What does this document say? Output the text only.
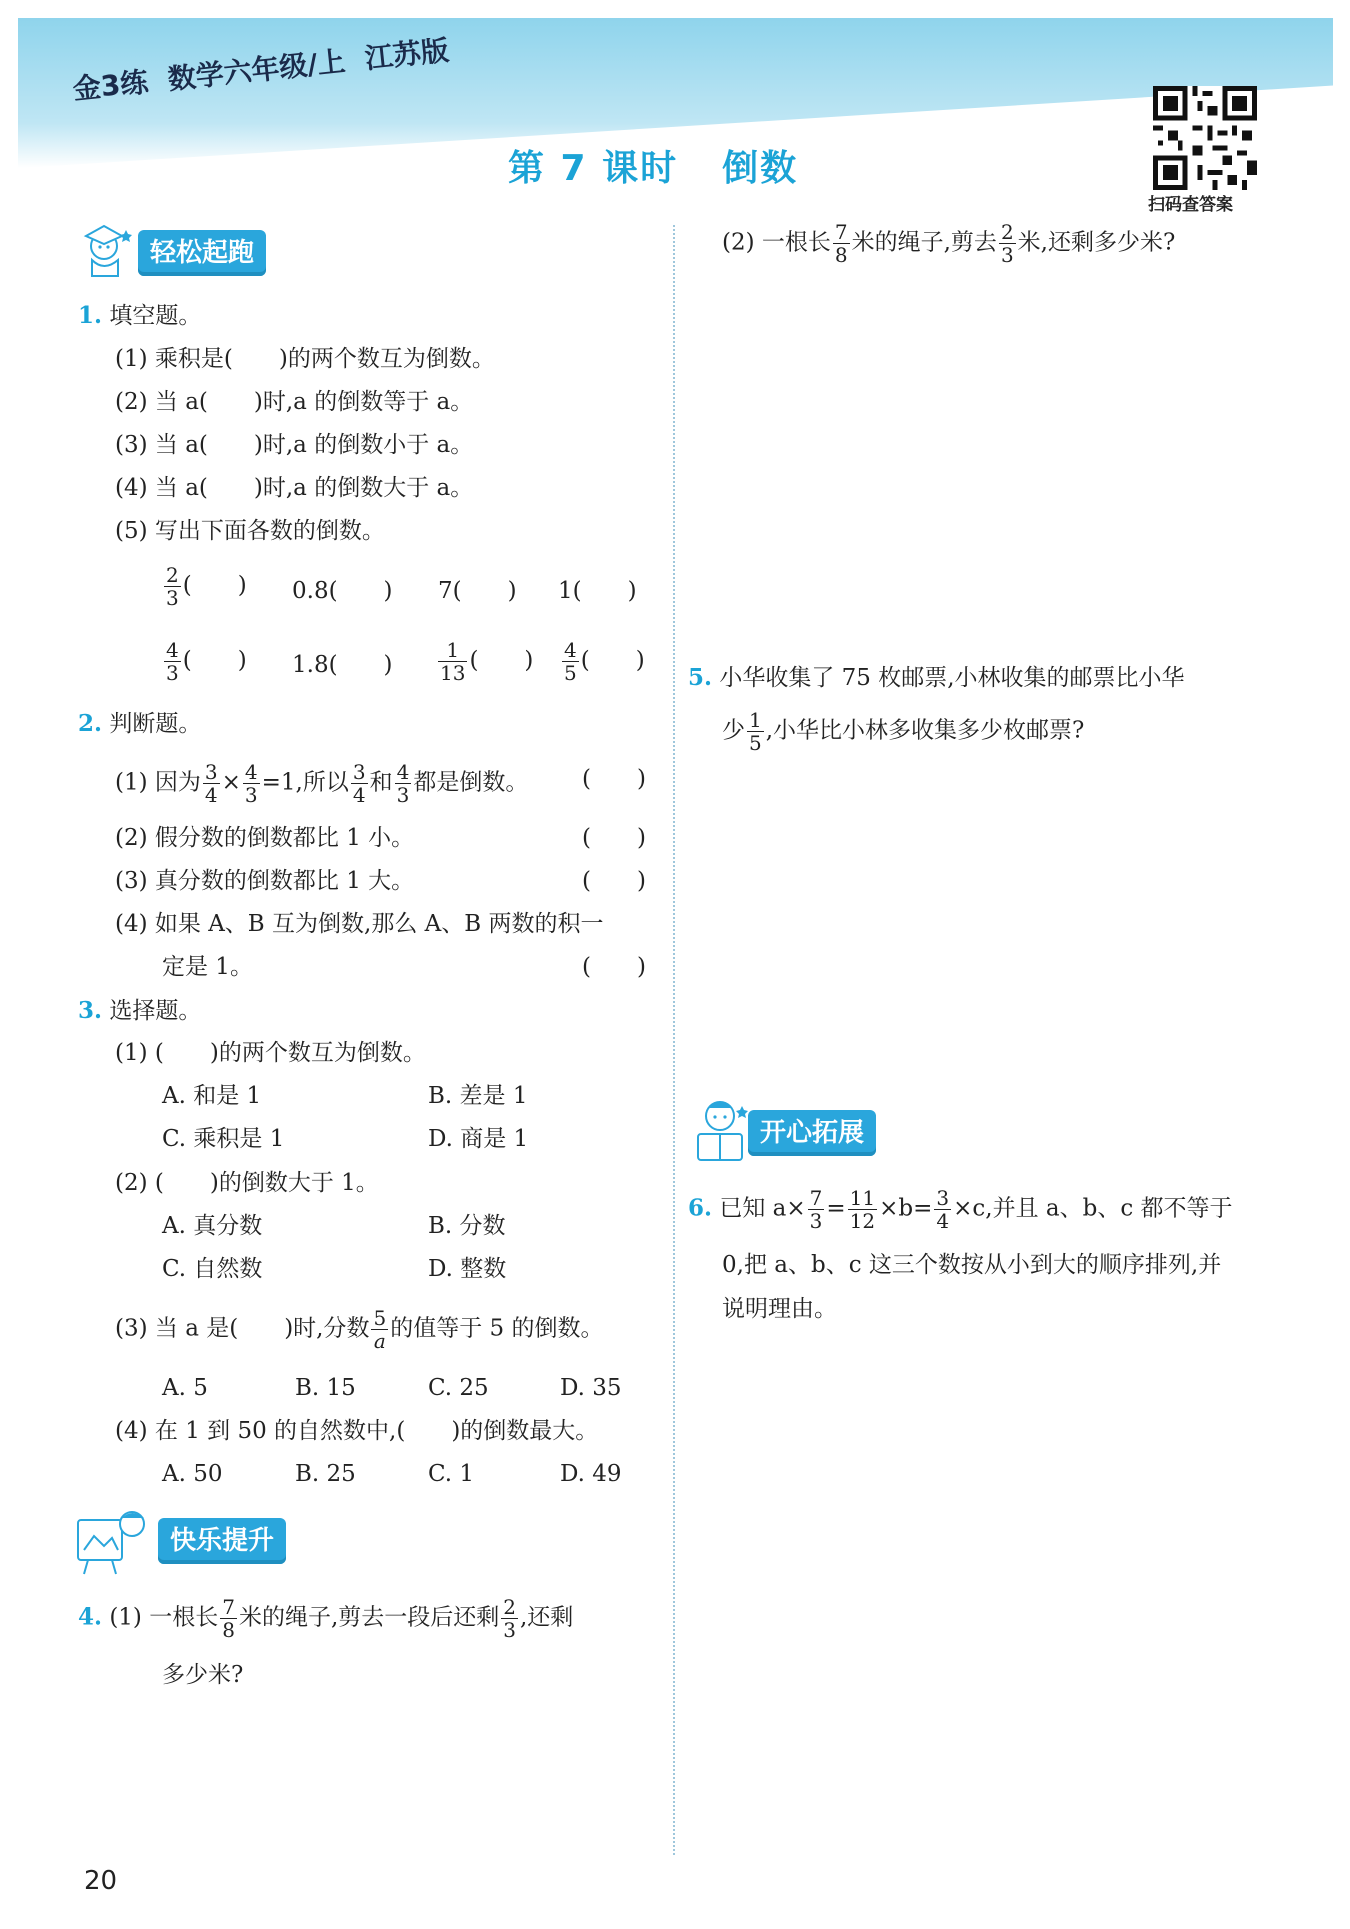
金3练 数学六年级/上 江苏版
第 7 课时 倒数
扫码查答案
轻松起跑
1. 填空题。
(1) 乘积是(　　)的两个数互为倒数。
(2) 当 a(　　)时,a 的倒数等于 a。
(3) 当 a(　　)时,a 的倒数小于 a。
(4) 当 a(　　)时,a 的倒数大于 a。
(5) 写出下面各数的倒数。
$\frac{2}{3}$ (　　) 0.8(　　) 7(　　) 1(　　)
$\frac{4}{3}$ (　　) 1.8(　　) $\frac{1}{13}$ (　　) $\frac{4}{5}$ (　　)
2. 判断题。
(1) 因为 $\frac{3}{4} \times \frac{4}{3} =1$,所以 $\frac{3}{4}$ 和 $\frac{4}{3}$ 都是倒数。 (　　)
(2) 假分数的倒数都比 1 小。	(　　)
(3) 真分数的倒数都比 1 大。	(　　)
(4) 如果 A、B 互为倒数,那么 A、B 两数的积一
定是 1。	(　　)
3. 选择题。
(1) (　　)的两个数互为倒数。
A. 和是 1	B. 差是 1
C. 乘积是 1	D. 商是 1
(2) (　　)的倒数大于 1。
A. 真分数	B. 分数
C. 自然数	D. 整数
(3) 当 a 是(　　)时,分数 $\frac{5}{a}$ 的值等于 5 的倒数。
A. 5	B. 15	C. 25	D. 35
(4) 在 1 到 50 的自然数中,(　　)的倒数最大。
A. 50	B. 25	C. 1	D. 49
快乐提升
4. (1) 一根长 $\frac{7}{8}$ 米的绳子,剪去一段后还剩 $\frac{2}{3}$ ,还剩
多少米?
(2) 一根长 $\frac{7}{8}$ 米的绳子,剪去 $\frac{2}{3}$ 米,还剩多少米?
5. 小华收集了 75 枚邮票,小林收集的邮票比小华
少 $\frac{1}{5}$ ,小华比小林多收集多少枚邮票?
开心拓展
6. 已知 $a\times \frac{7}{3} = \frac{11}{12} \times b= \frac{3}{4} \times c$,并且 a、b、c 都不等于
0,把 a、b、c 这三个数按从小到大的顺序排列,并
说明理由。
20
